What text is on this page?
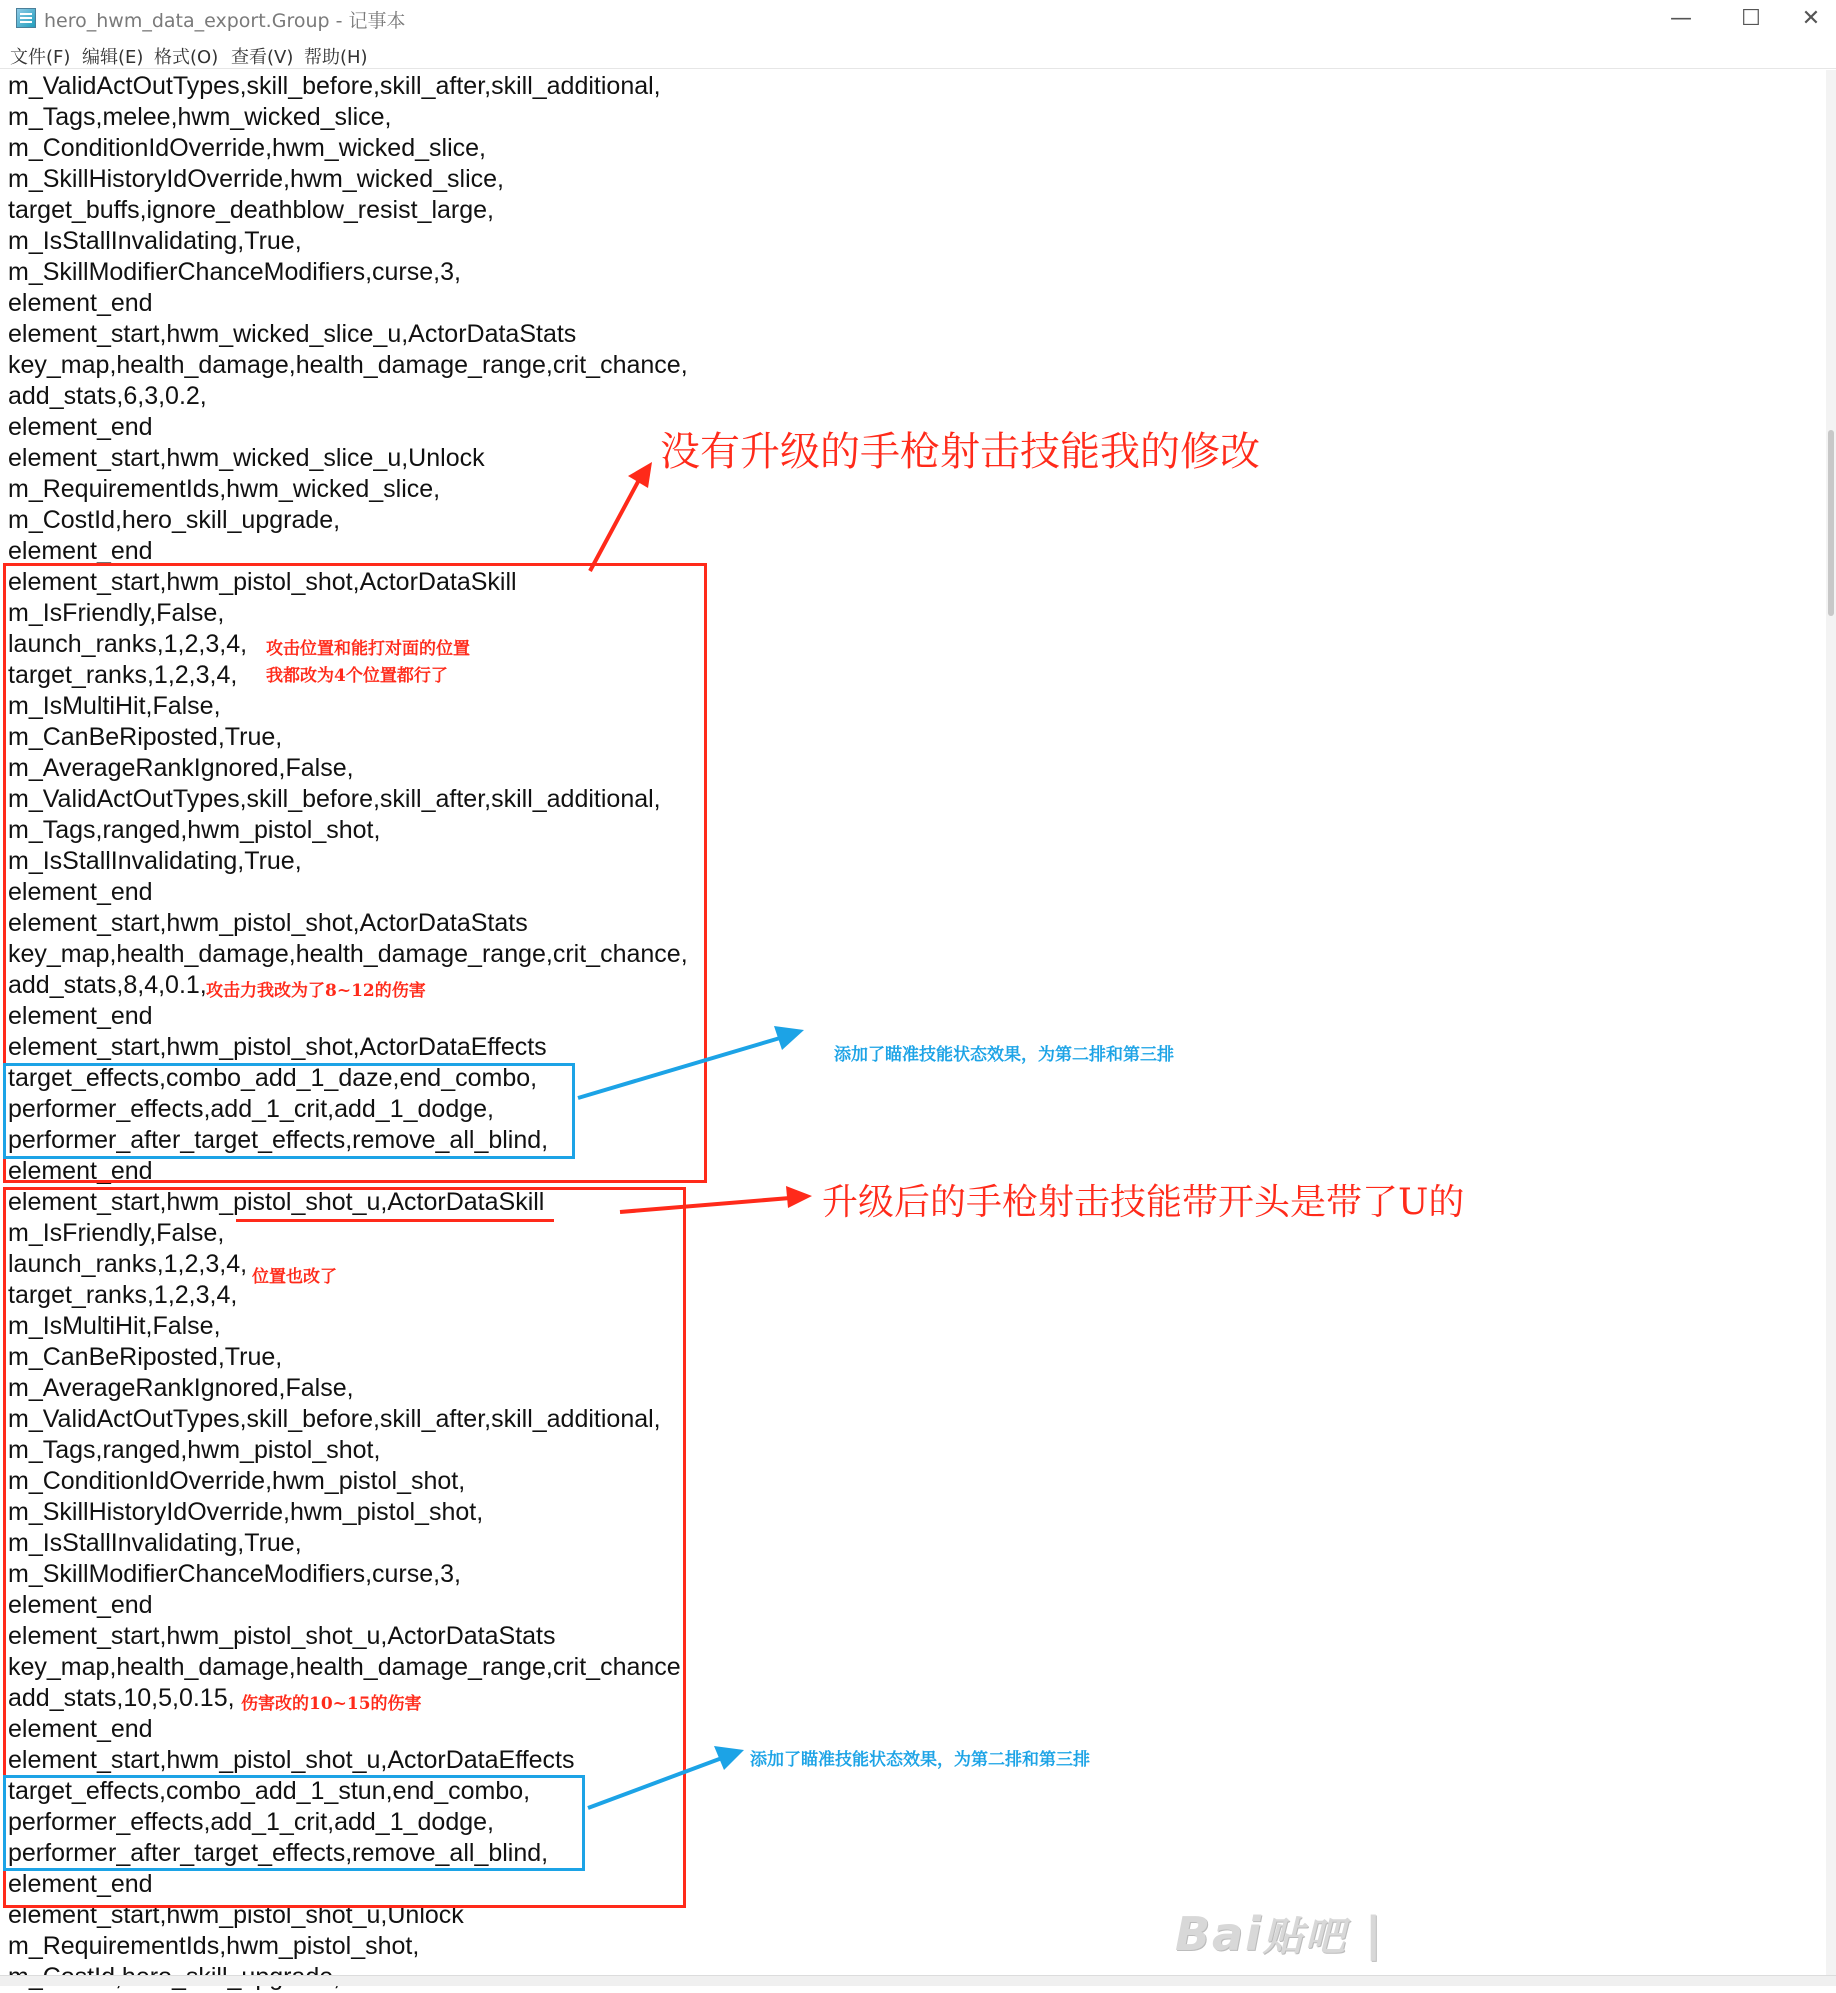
hero_hwm_data_export.Group - 记事本	—	☐	✕
文件(F) 编辑(E) 格式(O) 查看(V) 帮助(H)
m_ValidActOutTypes,skill_before,skill_after,skill_additional,
m_Tags,melee,hwm_wicked_slice,
m_ConditionIdOverride,hwm_wicked_slice,
m_SkillHistoryIdOverride,hwm_wicked_slice,
target_buffs,ignore_deathblow_resist_large,
m_IsStallInvalidating,True,
m_SkillModifierChanceModifiers,curse,3,
element_end
element_start,hwm_wicked_slice_u,ActorDataStats
key_map,health_damage,health_damage_range,crit_chance,
add_stats,6,3,0.2,
element_end
element_start,hwm_wicked_slice_u,Unlock
m_RequirementIds,hwm_wicked_slice,
m_CostId,hero_skill_upgrade,
element_end
element_start,hwm_pistol_shot,ActorDataSkill
m_IsFriendly,False,
launch_ranks,1,2,3,4,
target_ranks,1,2,3,4,
m_IsMultiHit,False,
m_CanBeRiposted,True,
m_AverageRankIgnored,False,
m_ValidActOutTypes,skill_before,skill_after,skill_additional,
m_Tags,ranged,hwm_pistol_shot,
m_IsStallInvalidating,True,
element_end
element_start,hwm_pistol_shot,ActorDataStats
key_map,health_damage,health_damage_range,crit_chance,
add_stats,8,4,0.1,
element_end
element_start,hwm_pistol_shot,ActorDataEffects
target_effects,combo_add_1_daze,end_combo,
performer_effects,add_1_crit,add_1_dodge,
performer_after_target_effects,remove_all_blind,
element_end
element_start,hwm_pistol_shot_u,ActorDataSkill
m_IsFriendly,False,
launch_ranks,1,2,3,4,
target_ranks,1,2,3,4,
m_IsMultiHit,False,
m_CanBeRiposted,True,
m_AverageRankIgnored,False,
m_ValidActOutTypes,skill_before,skill_after,skill_additional,
m_Tags,ranged,hwm_pistol_shot,
m_ConditionIdOverride,hwm_pistol_shot,
m_SkillHistoryIdOverride,hwm_pistol_shot,
m_IsStallInvalidating,True,
m_SkillModifierChanceModifiers,curse,3,
element_end
element_start,hwm_pistol_shot_u,ActorDataStats
key_map,health_damage,health_damage_range,crit_chance,
add_stats,10,5,0.15,
element_end
element_start,hwm_pistol_shot_u,ActorDataEffects
target_effects,combo_add_1_stun,end_combo,
performer_effects,add_1_crit,add_1_dodge,
performer_after_target_effects,remove_all_blind,
element_end
element_start,hwm_pistol_shot_u,Unlock
m_RequirementIds,hwm_pistol_shot,
没有升级的手枪射击技能我的修改
攻击位置和能打对面的位置
我都改为4个位置都行了
攻击力我改为了8~12的伤害
添加了瞄准技能状态效果，为第二排和第三排
升级后的手枪射击技能带开头是带了U的
位置也改了
伤害改的10~15的伤害
添加了瞄准技能状态效果，为第二排和第三排
Bai贴吧 |
